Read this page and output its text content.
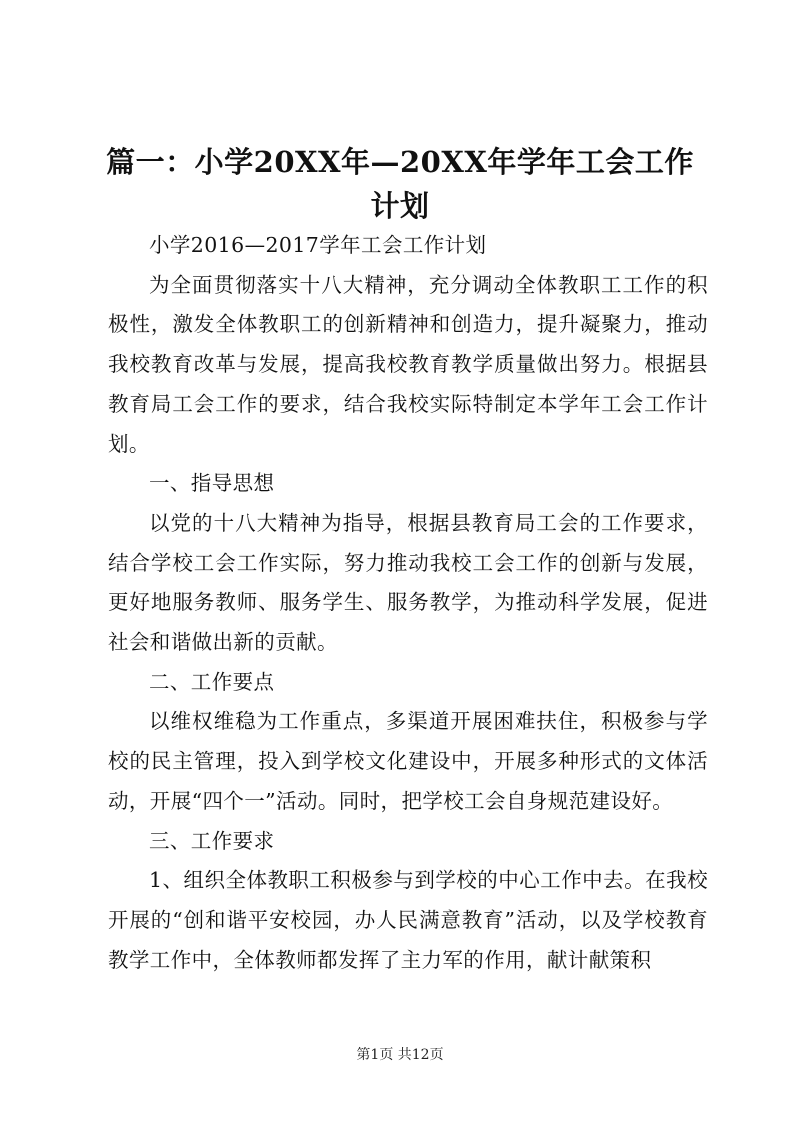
篇一：小学20XX年—20XX年学年工会工作计划

小学2016—2017学年工会工作计划

为全面贯彻落实十八大精神，充分调动全体教职工工作的积极性，激发全体教职工的创新精神和创造力，提升凝聚力，推动我校教育改革与发展，提高我校教育教学质量做出努力。根据县教育局工会工作的要求，结合我校实际特制定本学年工会工作计划。

一、指导思想

以党的十八大精神为指导，根据县教育局工会的工作要求，结合学校工会工作实际，努力推动我校工会工作的创新与发展，更好地服务教师、服务学生、服务教学，为推动科学发展，促进社会和谐做出新的贡献。

二、工作要点

以维权维稳为工作重点，多渠道开展困难扶住，积极参与学校的民主管理，投入到学校文化建设中，开展多种形式的文体活动，开展“四个一”活动。同时，把学校工会自身规范建设好。

三、工作要求

1、组织全体教职工积极参与到学校的中心工作中去。在我校开展的“创和谐平安校园，办人民满意教育”活动，以及学校教育教学工作中，全体教师都发挥了主力军的作用，献计献策积

第1页 共12页
